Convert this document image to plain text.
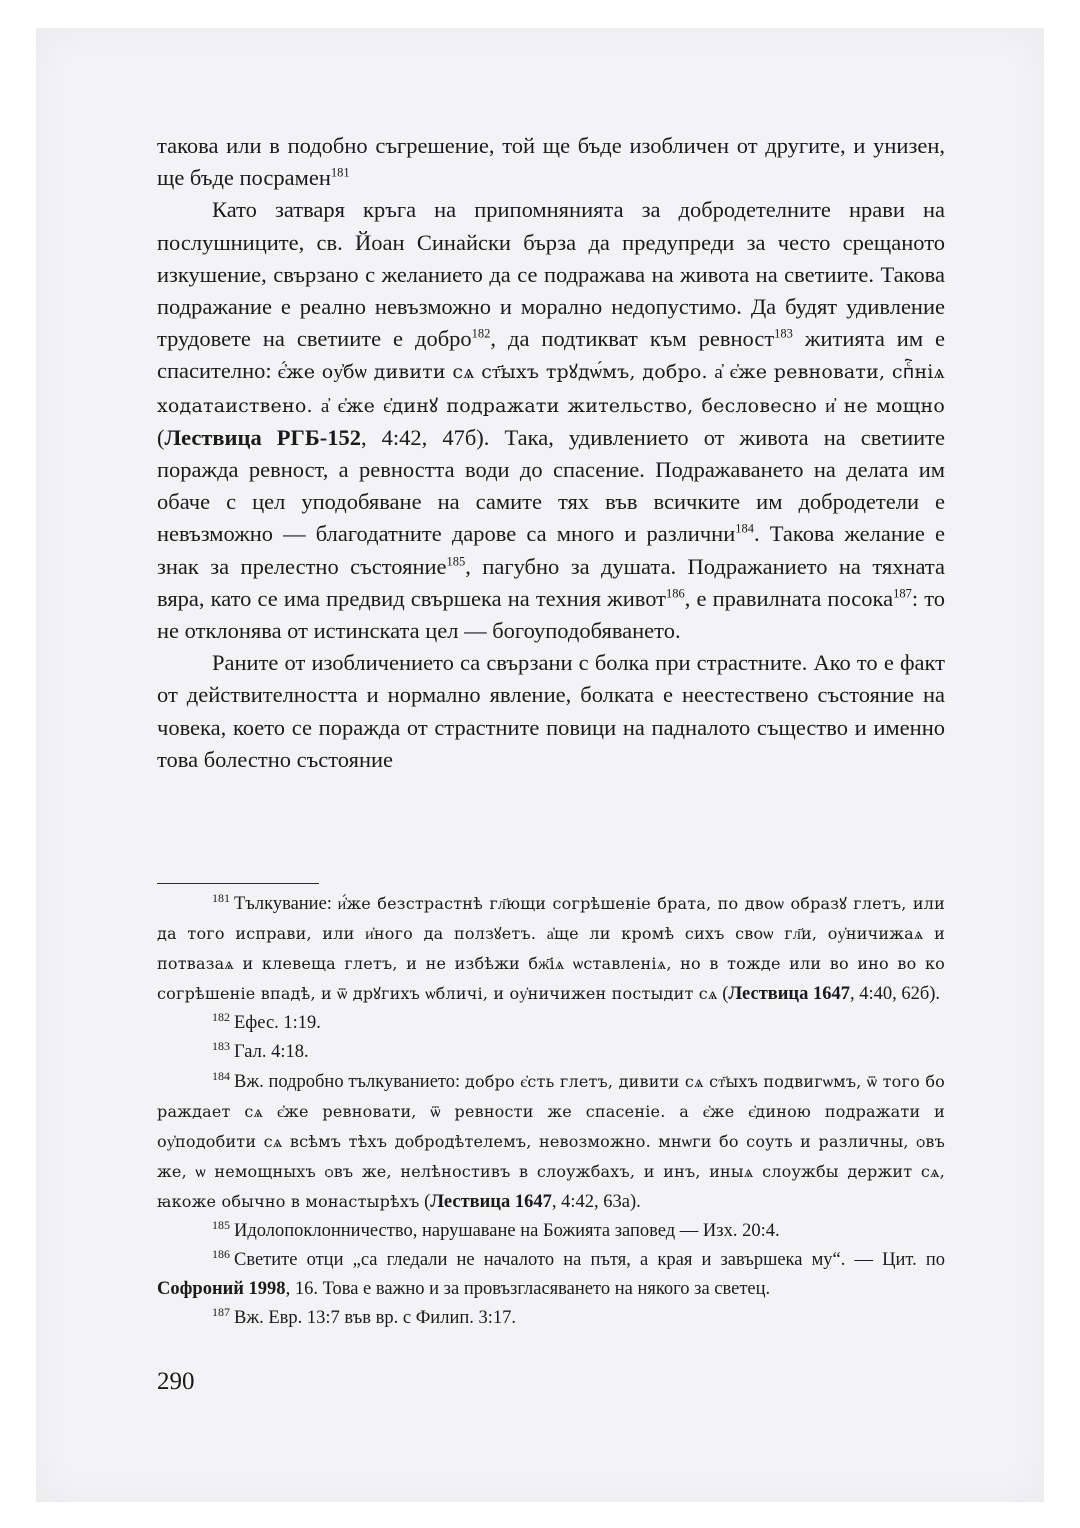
такова или в подобно съгрешение, той ще бъде изобличен от другите, и унизен, ще бъде посрамен$^{181}$

Като затваря кръга на припомнянията за добродетелните нрави на послушниците, св. Йоан Синайски бърза да предупреди за често срещаното изкушение, свързано с желанието да се подражава на живота на светиите. Такова подражание е реално невъзможно и морално недопустимо. Да будят удивление трудовете на светиите е добро$^{182}$, да подтикват към ревност$^{183}$ житията им е спасително: є҆́же оу҆бѡ дивити сѧ ст҃ыхъ трꙋдѡ́мъ, добро. а҆ є҆же ревновати, спⷭ҇ніѧ ходатаиствено. а҆ є҆же є҆динꙋ подражати жительство, бесловесно и҆ не мощно (Лествица РГБ-152, 4:42, 47б). Така, удивлението от живота на светиите поражда ревност, а ревността води до спасение. Подражаването на делата им обаче с цел уподобяване на самите тях във всичките им добродетели е невъзможно — благодатните дарове са много и различни$^{184}$. Такова желание е знак за прелестно състояние$^{185}$, пагубно за душата. Подражанието на тяхната вяра, като се има предвид свършека на техния живот$^{186}$, е правилната посока$^{187}$: то не отклонява от истинската цел — богоуподобяването.

Раните от изобличението са свързани с болка при страстните. Ако то е факт от действителността и нормално явление, болката е неестествено състояние на човека, което се поражда от страстните повици на падналото същество и именно това болестно състояние

$^{181}$ Тълкувание: и҆́же безстрастнѣ гл҃ющи согрѣшеніе брата, по двоѡ образꙋ глетъ, или да того исправи, или и҆ного да ползꙋетъ. а҆ще ли кромѣ сихъ своѡ гл҃и, оу҆ничижаѧ и потвазаѧ и клевеща глетъ, и не избѣжи бж҃іѧ ѡставленіѧ, но в тожде или во ино во ко согрѣшеніе впадѣ, и ѿ дрꙋгихъ ѡбличі, и оу҆ничижен постыдит сѧ (Лествица 1647, 4:40, 62б).

$^{182}$ Ефес. 1:19.

$^{183}$ Гал. 4:18.

$^{184}$ Вж. подробно тълкуванието: добро є҆сть глетъ, дивити сѧ ст҃ыхъ подвигѡмъ, ѿ того бо раждает сѧ є҆же ревновати, ѿ ревности же спасеніе. а є҆же є҆диною подражати и оу҆подобити сѧ всѣмъ тѣхъ добродѣтелемъ, невозможно. мнѡги бо соуть и различны, ѻвъ же, ѡ немощныхъ ѻвъ же, нелѣностивъ в слоужбахъ, и инъ, иныѧ слоужбы держит сѧ, ꙗкоже обычно в монастырѣхъ (Лествица 1647, 4:42, 63а).

$^{185}$ Идолопоклонничество, нарушаване на Божията заповед — Изх. 20:4.

$^{186}$ Светите отци „са гледали не началото на пътя, а края и завършека му“. — Цит. по Софроний 1998, 16. Това е важно и за провъзгласяването на някого за светец.

$^{187}$ Вж. Евр. 13:7 във вр. с Филип. 3:17.

290
